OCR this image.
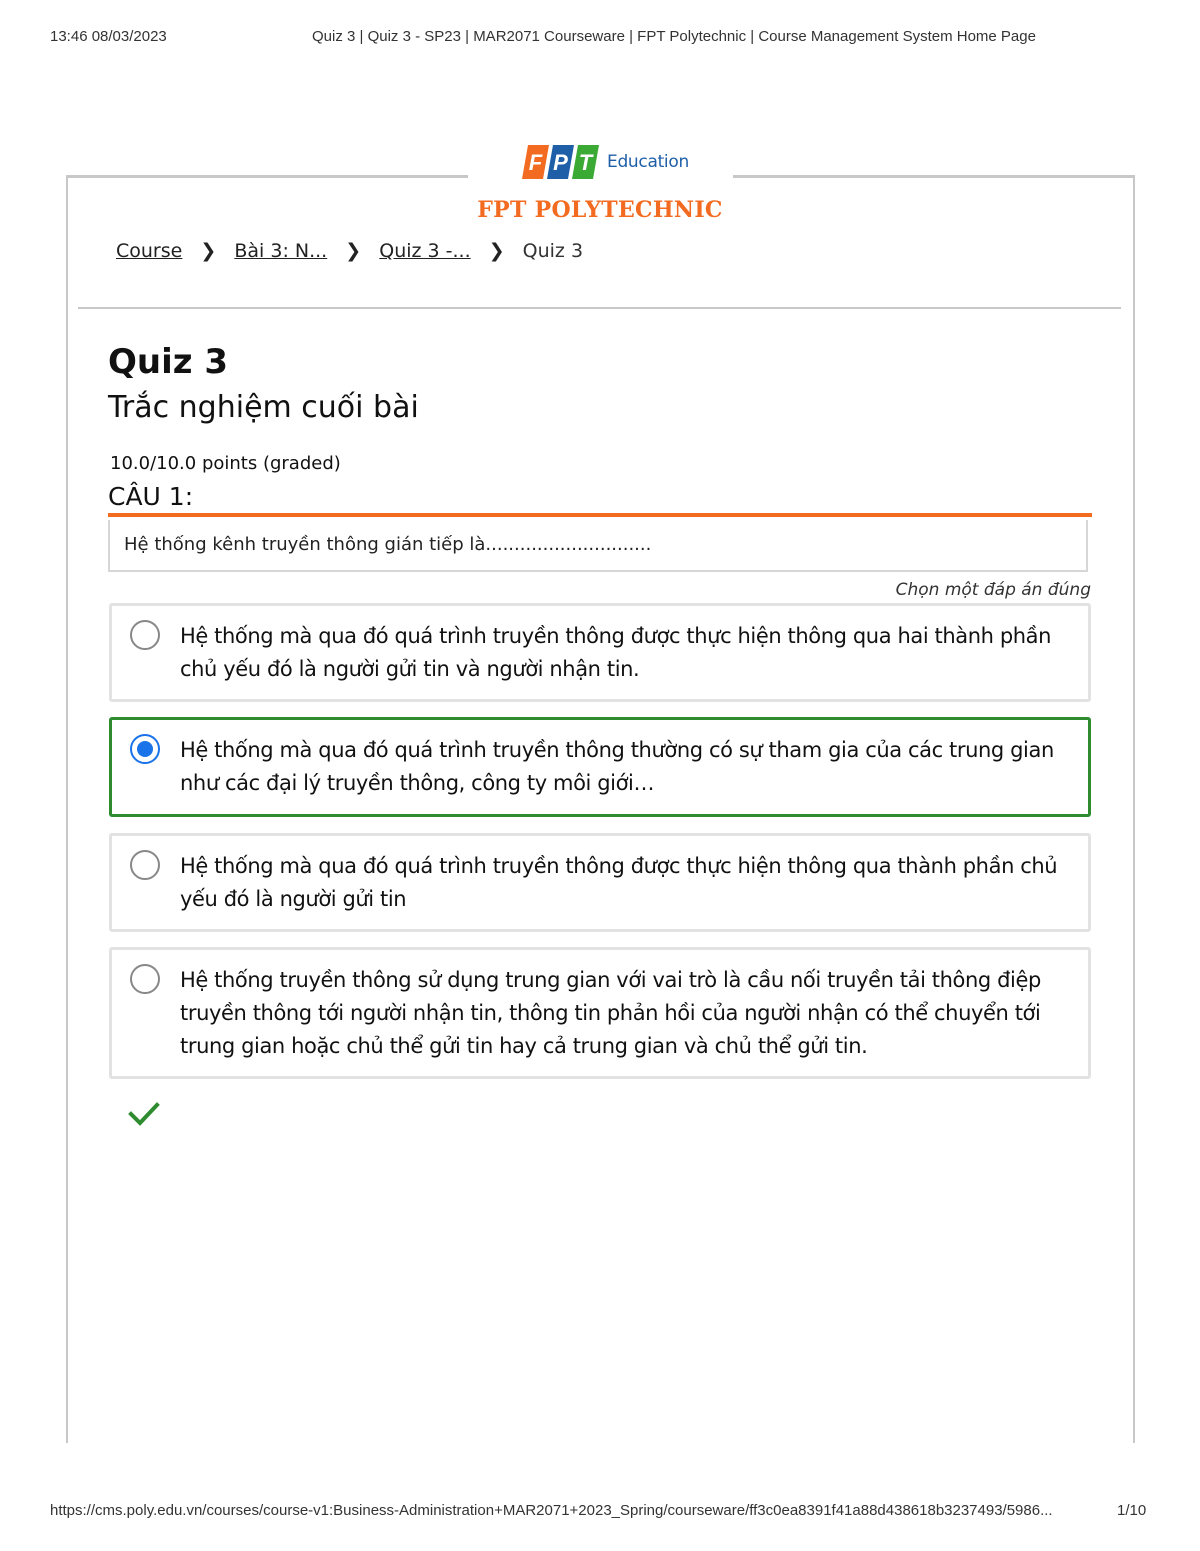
13:46 08/03/2023	Quiz 3 | Quiz 3 - SP23 | MAR2071 Courseware | FPT Polytechnic | Course Management System Home Page
F P T Education
FPT POLYTECHNIC
Course ❯ Bài 3: N... ❯ Quiz 3 -... ❯ Quiz 3
Quiz 3
Trắc nghiệm cuối bài
10.0/10.0 points (graded)
CÂU 1:
Hệ thống kênh truyền thông gián tiếp là.............................
Chọn một đáp án đúng
Hệ thống mà qua đó quá trình truyền thông được thực hiện thông qua hai thành phần chủ yếu đó là người gửi tin và người nhận tin.
Hệ thống mà qua đó quá trình truyền thông thường có sự tham gia của các trung gian như các đại lý truyền thông, công ty môi giới…
Hệ thống mà qua đó quá trình truyền thông được thực hiện thông qua thành phần chủ yếu đó là người gửi tin
Hệ thống truyền thông sử dụng trung gian với vai trò là cầu nối truyền tải thông điệp truyền thông tới người nhận tin, thông tin phản hồi của người nhận có thể chuyển tới trung gian hoặc chủ thể gửi tin hay cả trung gian và chủ thể gửi tin.
https://cms.poly.edu.vn/courses/course-v1:Business-Administration+MAR2071+2023_Spring/courseware/ff3c0ea8391f41a88d438618b3237493/5986...	1/10
